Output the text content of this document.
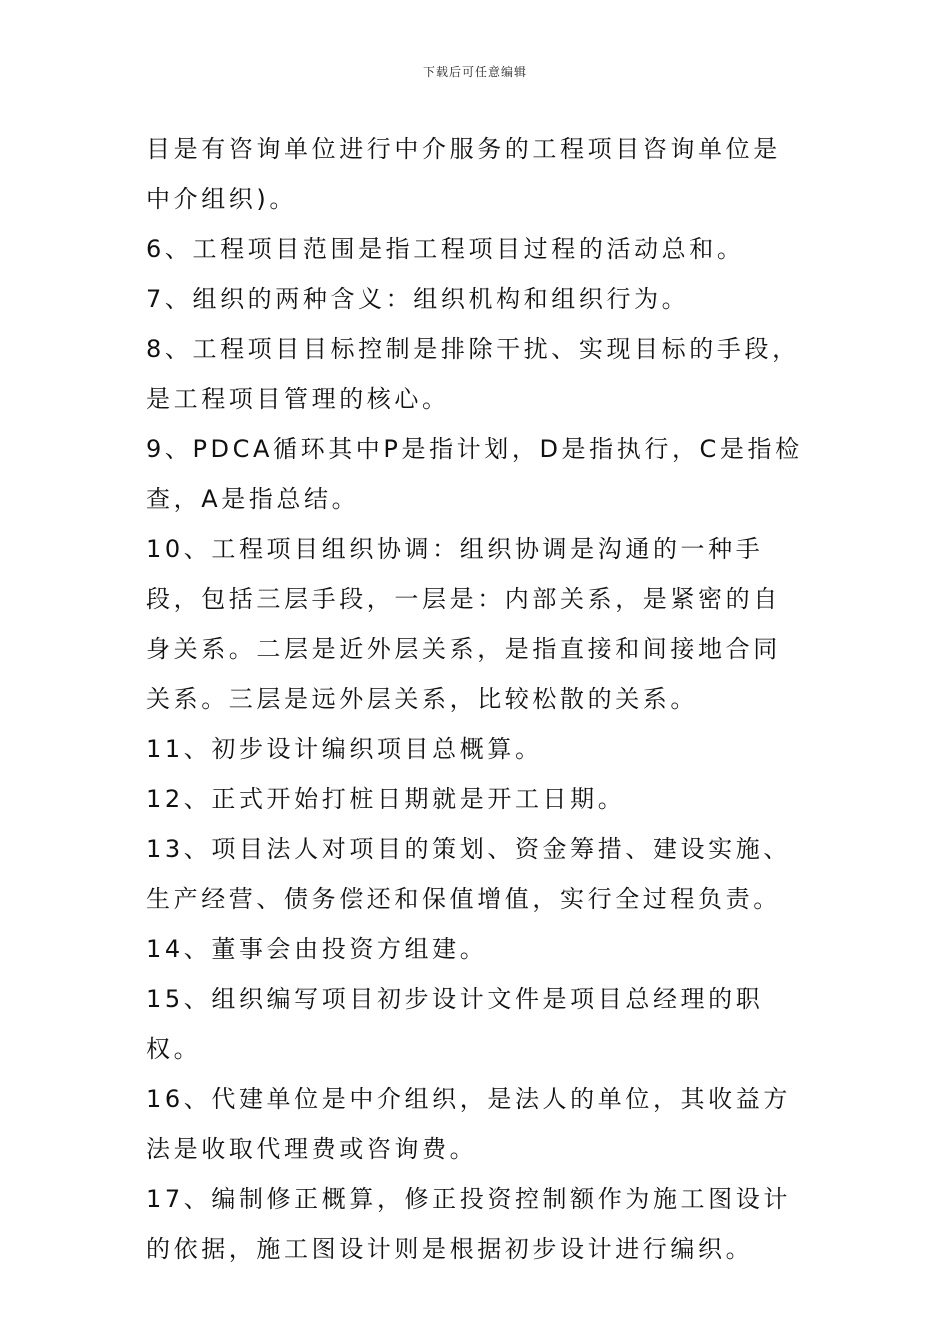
下载后可任意编辑

目是有咨询单位进行中介服务的工程项目咨询单位是中介组织)。

6、工程项目范围是指工程项目过程的活动总和。

7、组织的两种含义：组织机构和组织行为。

8、工程项目目标控制是排除干扰、实现目标的手段，是工程项目管理的核心。

9、PDCA循环其中P是指计划，D是指执行，C是指检查，A是指总结。

10、工程项目组织协调：组织协调是沟通的一种手段，包括三层手段，一层是：内部关系，是紧密的自身关系。二层是近外层关系，是指直接和间接地合同关系。三层是远外层关系，比较松散的关系。

11、初步设计编织项目总概算。

12、正式开始打桩日期就是开工日期。

13、项目法人对项目的策划、资金筹措、建设实施、生产经营、债务偿还和保值增值，实行全过程负责。

14、董事会由投资方组建。

15、组织编写项目初步设计文件是项目总经理的职权。

16、代建单位是中介组织，是法人的单位，其收益方法是收取代理费或咨询费。

17、编制修正概算，修正投资控制额作为施工图设计的依据，施工图设计则是根据初步设计进行编织。
